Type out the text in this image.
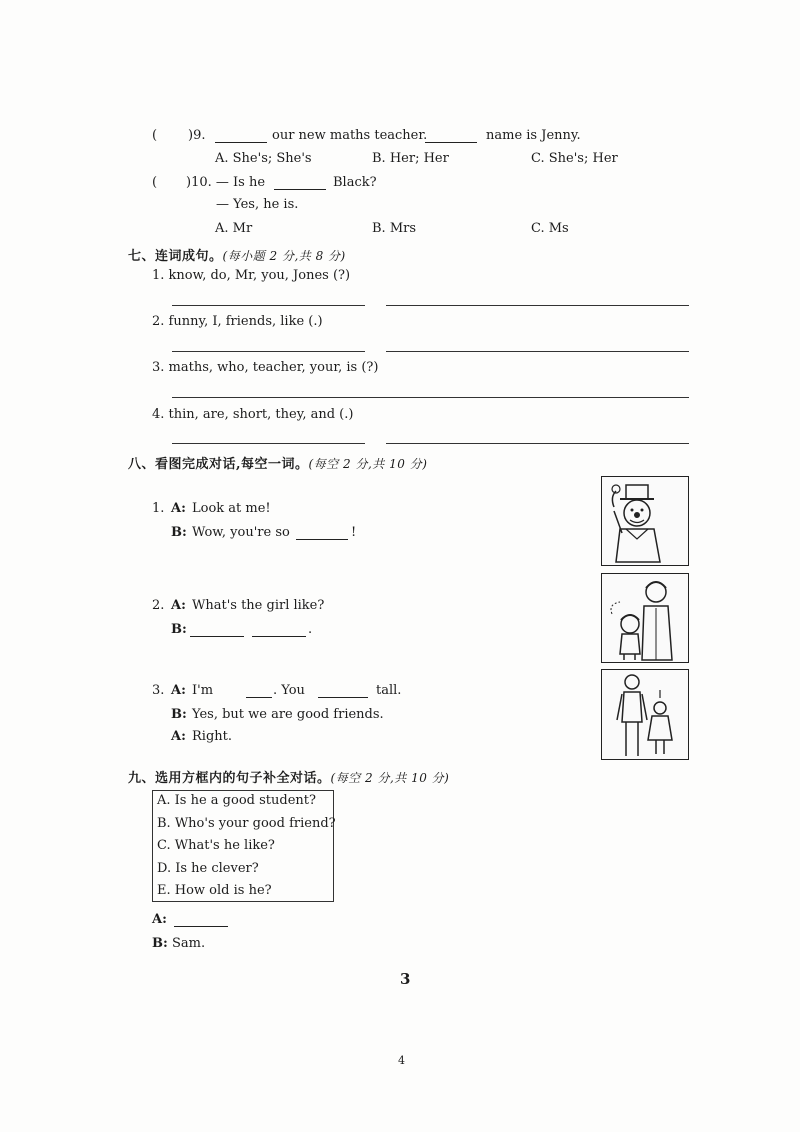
( )9.	our new maths teacher.	name is Jenny.
A. She's; She's	B. Her; Her	C. She's; Her
( )10. — Is he	Black?
— Yes, he is.
A. Mr	B. Mrs	C. Ms
七、连词成句。(每小题 2 分,共 8 分)
1. know, do, Mr, you, Jones (?)
2. funny, I, friends, like (.)
3. maths, who, teacher, your, is (?)
4. thin, are, short, they, and (.)
八、看图完成对话,每空一词。(每空 2 分,共 10 分)
1. A: Look at me!
B: Wow, you're so	!
2. A: What's the girl like?
B:	.
3. A: I'm	. You	tall.
B: Yes, but we are good friends.
A: Right.
九、选用方框内的句子补全对话。(每空 2 分,共 10 分)
A. Is he a good student?
B. Who's your good friend?
C. What's he like?
D. Is he clever?
E. How old is he?
A:
B: Sam.
3
4
